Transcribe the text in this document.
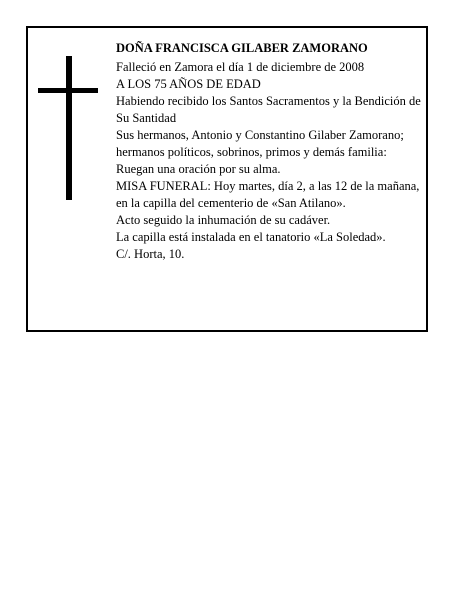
DOÑA FRANCISCA GILABER ZAMORANO

Falleció en Zamora el día 1 de diciembre de 2008

A LOS 75 AÑOS DE EDAD

Habiendo recibido los Santos Sacramentos y la Bendición de Su Santidad

Sus hermanos, Antonio y Constantino Gilaber Zamorano; hermanos políticos, sobrinos, primos y demás familia:

Ruegan una oración por su alma.

MISA FUNERAL: Hoy martes, día 2, a las 12 de la mañana, en la capilla del cementerio de «San Atilano».

Acto seguido la inhumación de su cadáver.

La capilla está instalada en el tanatorio «La Soledad».

C/. Horta, 10.
